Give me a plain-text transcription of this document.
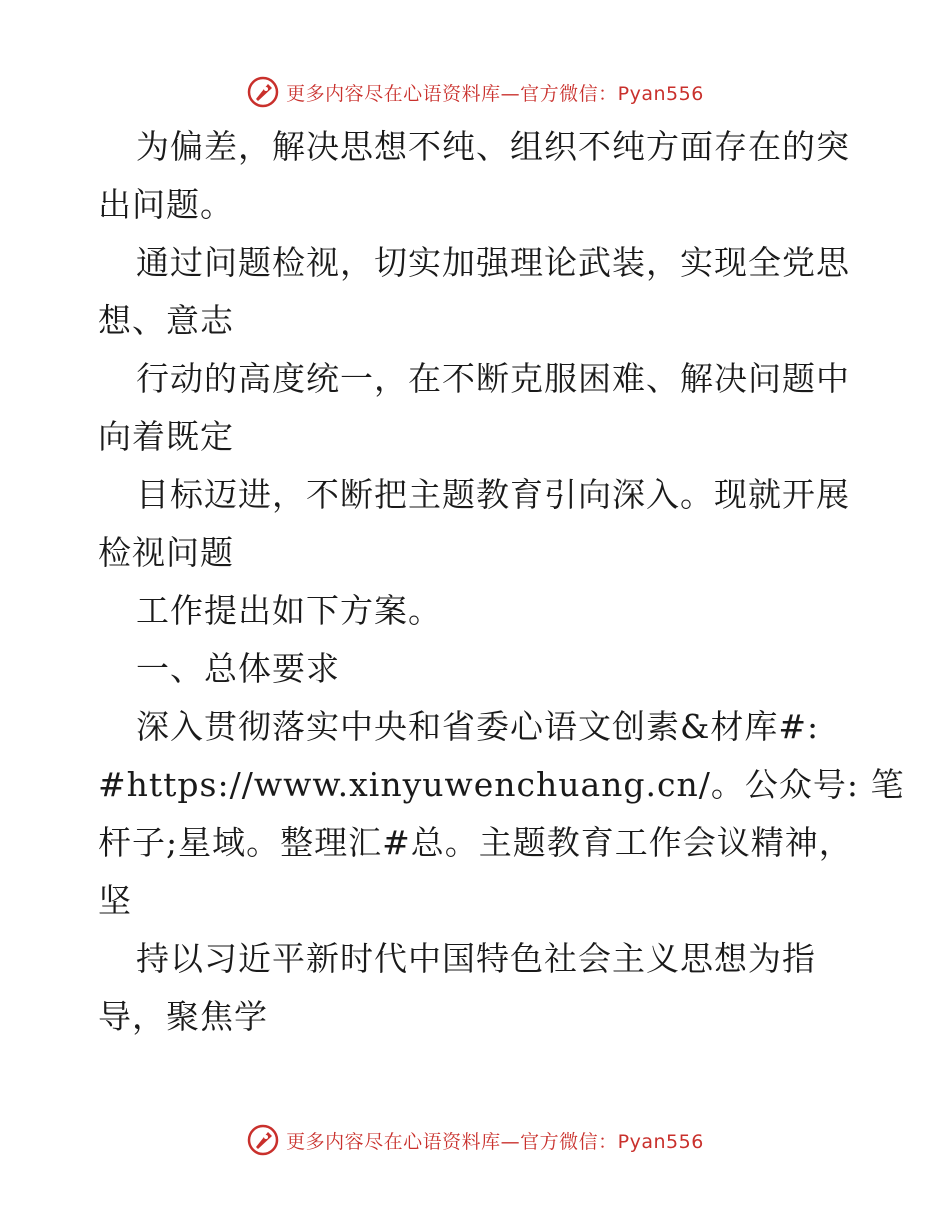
更多内容尽在心语资料库—官方微信：Pyan556
为偏差，解决思想不纯、组织不纯方面存在的突
出问题。
通过问题检视，切实加强理论武装，实现全党思
想、意志
行动的高度统一，在不断克服困难、解决问题中
向着既定
目标迈进，不断把主题教育引向深入。现就开展
检视问题
工作提出如下方案。
一、总体要求
深入贯彻落实中央和省委心语文创素&材库#:
#https://www.xinyuwenchuang.cn/。公众号: 笔
杆子;星域。整理汇#总。主题教育工作会议精神，
坚
持以习近平新时代中国特色社会主义思想为指
导，聚焦学
更多内容尽在心语资料库—官方微信：Pyan556
